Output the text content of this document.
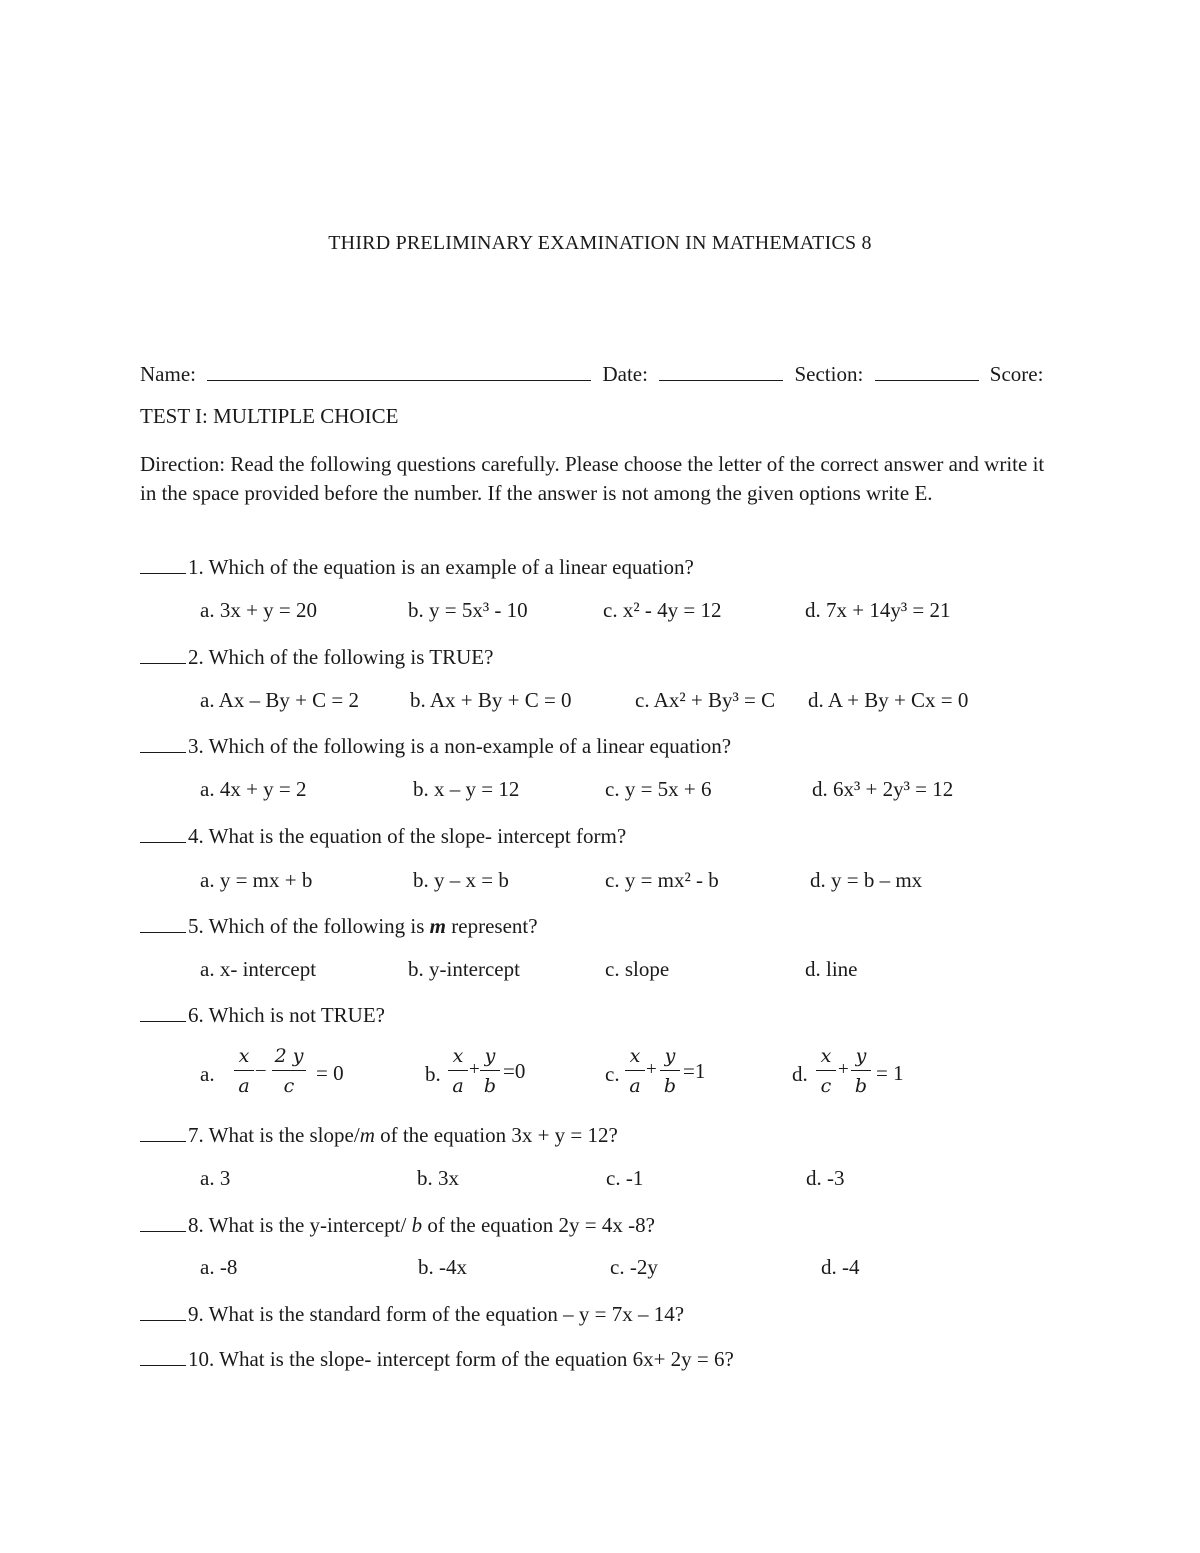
THIRD PRELIMINARY EXAMINATION IN MATHEMATICS 8
Name:	Date:	Section:	Score:
TEST I: MULTIPLE CHOICE
Direction: Read the following questions carefully. Please choose the letter of the correct answer and write it in the space provided before the number. If the answer is not among the given options write E.
1. Which of the equation is an example of a linear equation?
a. 3x + y = 20	b. y = 5x³ - 10	c. x² - 4y = 12	d. 7x + 14y³ = 21
2. Which of the following is TRUE?
a. Ax – By + C = 2 b. Ax + By + C = 0	c. Ax² + By³ = C d. A + By + Cx = 0
3. Which of the following is a non-example of a linear equation?
a. 4x + y = 2	b. x – y = 12	c. y = 5x + 6	d. 6x³ + 2y³ = 12
4. What is the equation of the slope- intercept form?
a. y = mx + b	b. y – x = b	c. y = mx² - b	d. y = b – mx
5. Which of the following is m represent?
a. x- intercept	b. y-intercept	c. slope	d. line
6. Which is not TRUE?
a.
x
a
–
2 y
c
= 0	b.
x
a
+
y
b
=0	c.
x
a
+
y
b
=1	d.
x
c
+
y
b
= 1
7. What is the slope/m of the equation 3x + y = 12?
a. 3	b. 3x	c. -1	d. -3
8. What is the y-intercept/ b of the equation 2y = 4x -8?
a. -8	b. -4x	c. -2y	d. -4
9. What is the standard form of the equation – y = 7x – 14?
10. What is the slope- intercept form of the equation 6x+ 2y = 6?
